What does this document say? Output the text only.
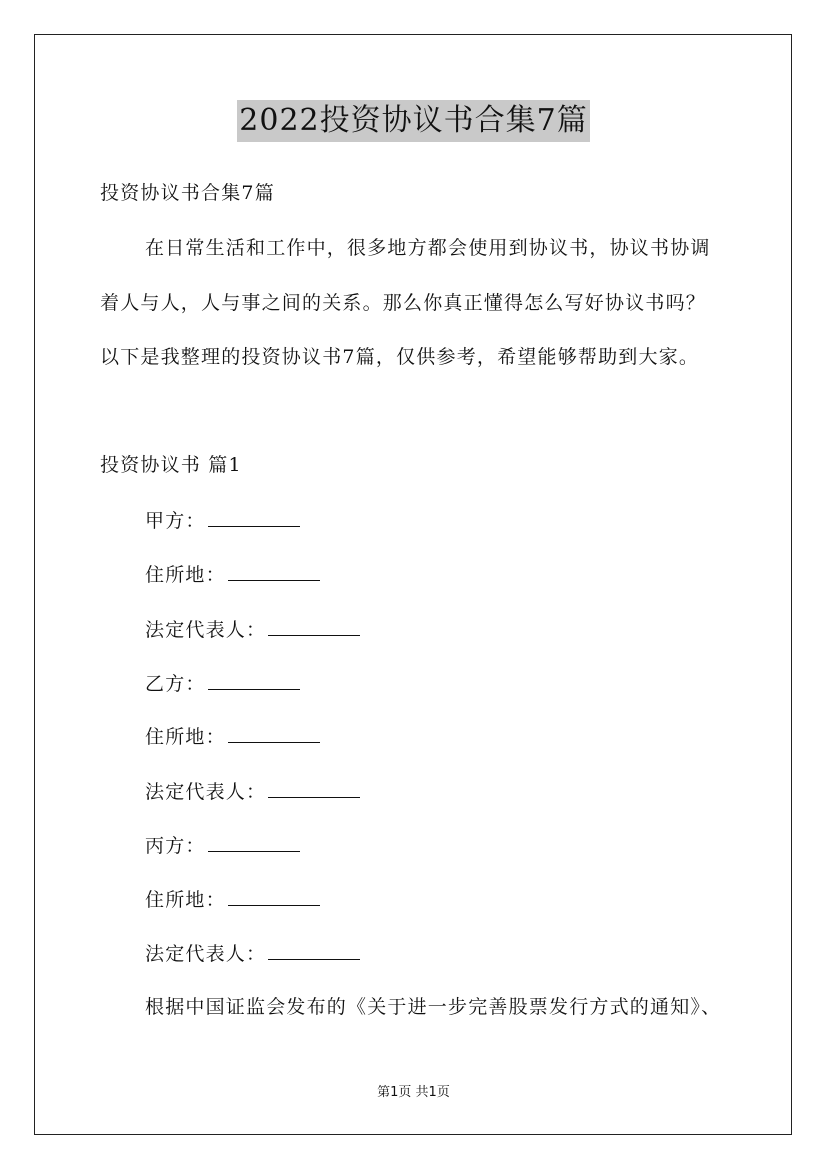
2022投资协议书合集7篇
投资协议书合集7篇
在日常生活和工作中，很多地方都会使用到协议书，协议书协调
着人与人，人与事之间的关系。那么你真正懂得怎么写好协议书吗？
以下是我整理的投资协议书7篇，仅供参考，希望能够帮助到大家。
投资协议书 篇1
甲方：
住所地：
法定代表人：
乙方：
住所地：
法定代表人：
丙方：
住所地：
法定代表人：
根据中国证监会发布的《关于进一步完善股票发行方式的通知》、
第1页 共1页
